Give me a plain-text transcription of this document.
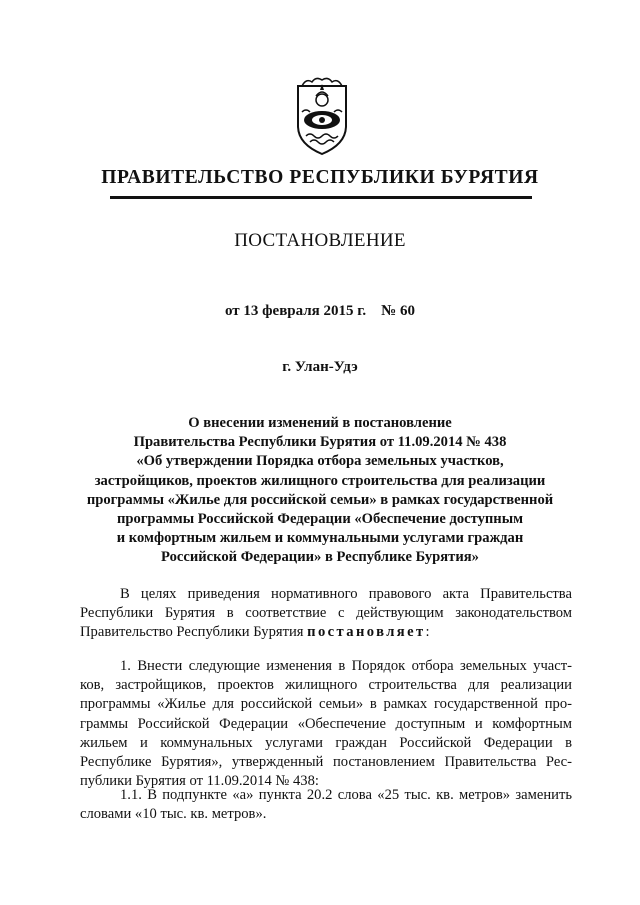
ПРАВИТЕЛЬСТВО РЕСПУБЛИКИ БУРЯТИЯ
ПОСТАНОВЛЕНИЕ
от 13 февраля 2015 г.    № 60
г. Улан-Удэ
О внесении изменений в постановление
Правительства Республики Бурятия от 11.09.2014 № 438
«Об утверждении Порядка отбора земельных участков,
застройщиков, проектов жилищного строительства для реализации
программы «Жилье для российской семьи» в рамках государственной
программы Российской Федерации «Обеспечение доступным
и комфортным жильем и коммунальными услугами граждан
Российской Федерации» в Республике Бурятия»
В целях приведения нормативного правового акта Правительства
Республики Бурятия в соответствие с действующим законодательством
Правительство Республики Бурятия постановляет:
1. Внести следующие изменения в Порядок отбора земельных участ-
ков, застройщиков, проектов жилищного строительства для реализации
программы «Жилье для российской семьи» в рамках государственной про-
граммы Российской Федерации «Обеспечение доступным и комфортным
жильем и коммунальных услугами граждан Российской Федерации в
Республике Бурятия», утвержденный постановлением Правительства Рес-
публики Бурятия от 11.09.2014 № 438:
1.1. В подпункте «а» пункта 20.2 слова «25 тыс. кв. метров» заменить
словами «10 тыс. кв. метров».
